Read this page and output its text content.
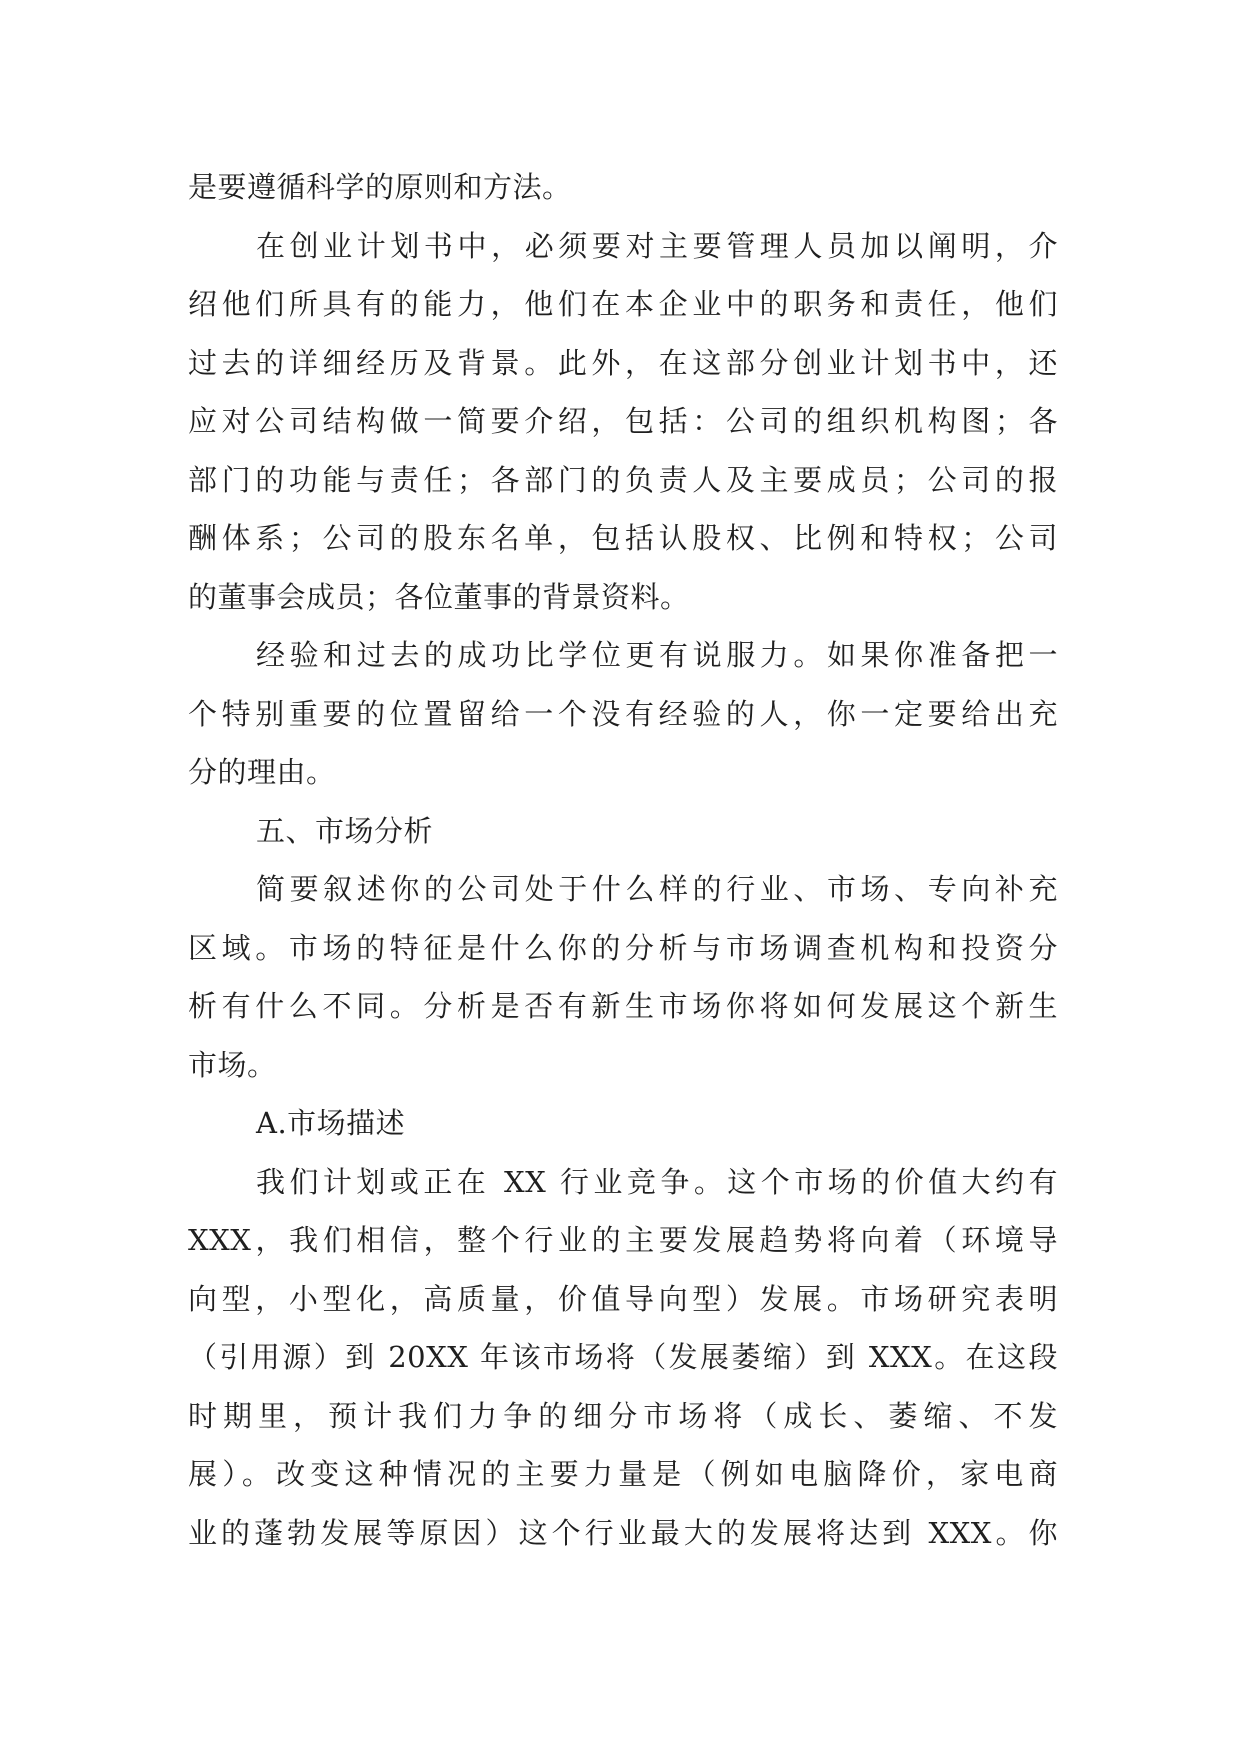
是要遵循科学的原则和方法。
在创业计划书中，必须要对主要管理人员加以阐明，介
绍他们所具有的能力，他们在本企业中的职务和责任，他们
过去的详细经历及背景。此外，在这部分创业计划书中，还
应对公司结构做一简要介绍，包括：公司的组织机构图；各
部门的功能与责任；各部门的负责人及主要成员；公司的报
酬体系；公司的股东名单，包括认股权、比例和特权；公司
的董事会成员；各位董事的背景资料。
经验和过去的成功比学位更有说服力。如果你准备把一
个特别重要的位置留给一个没有经验的人，你一定要给出充
分的理由。
五、市场分析
简要叙述你的公司处于什么样的行业、市场、专向补充
区域。市场的特征是什么你的分析与市场调查机构和投资分
析有什么不同。分析是否有新生市场你将如何发展这个新生
市场。
A.市场描述
我们计划或正在 XX 行业竞争。这个市场的价值大约有
XXX，我们相信，整个行业的主要发展趋势将向着（环境导
向型，小型化，高质量，价值导向型）发展。市场研究表明
（引用源）到 20XX 年该市场将（发展萎缩）到 XXX。在这段
时期里，预计我们力争的细分市场将（成长、萎缩、不发
展）。改变这种情况的主要力量是（例如电脑降价，家电商
业的蓬勃发展等原因）这个行业最大的发展将达到 XXX。你
